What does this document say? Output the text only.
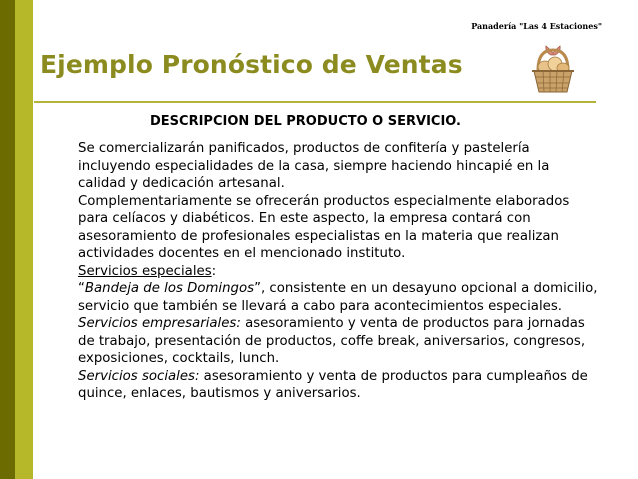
Panadería "Las 4 Estaciones"
Ejemplo Pronóstico de Ventas
DESCRIPCION DEL PRODUCTO O SERVICIO.

Se comercializarán panificados, productos de confitería y pastelería incluyendo especialidades de la casa, siempre haciendo hincapié en la calidad y dedicación artesanal.

Complementariamente se ofrecerán productos especialmente elaborados para celíacos y diabéticos. En este aspecto, la empresa contará con asesoramiento de profesionales especialistas en la materia que realizan actividades docentes en el mencionado instituto.

Servicios especiales:

“Bandeja de los Domingos”, consistente en un desayuno opcional a domicilio, servicio que también se llevará a cabo para acontecimientos especiales.

Servicios empresariales: asesoramiento y venta de productos para jornadas de trabajo, presentación de productos, coffe break, aniversarios, congresos, exposiciones, cocktails, lunch.

Servicios sociales: asesoramiento y venta de productos para cumpleaños de quince, enlaces, bautismos y aniversarios.
